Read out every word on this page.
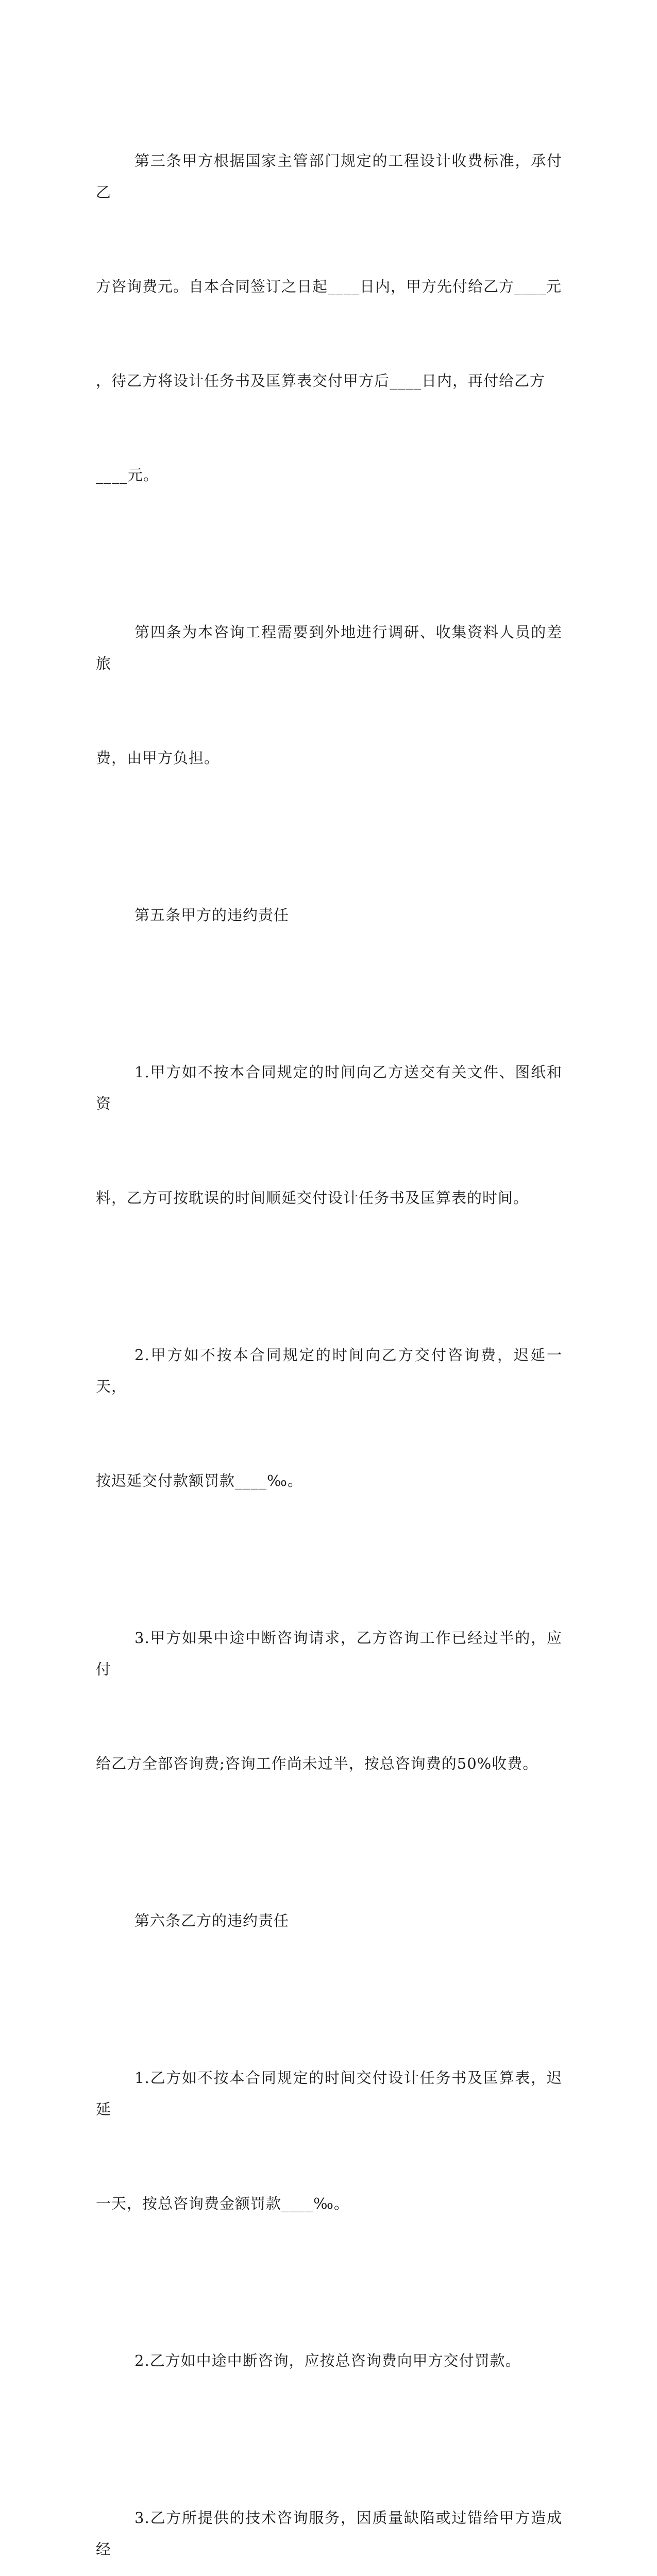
第三条甲方根据国家主管部门规定的工程设计收费标准，承付乙

方咨询费元。自本合同签订之日起____日内，甲方先付给乙方____元

，待乙方将设计任务书及匡算表交付甲方后____日内，再付给乙方

____元。

第四条为本咨询工程需要到外地进行调研、收集资料人员的差旅

费，由甲方负担。

第五条甲方的违约责任

1.甲方如不按本合同规定的时间向乙方送交有关文件、图纸和资

料，乙方可按耽误的时间顺延交付设计任务书及匡算表的时间。

2.甲方如不按本合同规定的时间向乙方交付咨询费，迟延一天，

按迟延交付款额罚款____‰。

3.甲方如果中途中断咨询请求，乙方咨询工作已经过半的，应付

给乙方全部咨询费;咨询工作尚未过半，按总咨询费的50%收费。

第六条乙方的违约责任

1.乙方如不按本合同规定的时间交付设计任务书及匡算表，迟延

一天，按总咨询费金额罚款____‰。

2.乙方如中途中断咨询，应按总咨询费向甲方交付罚款。

3.乙方所提供的技术咨询服务，因质量缺陷或过错给甲方造成经
